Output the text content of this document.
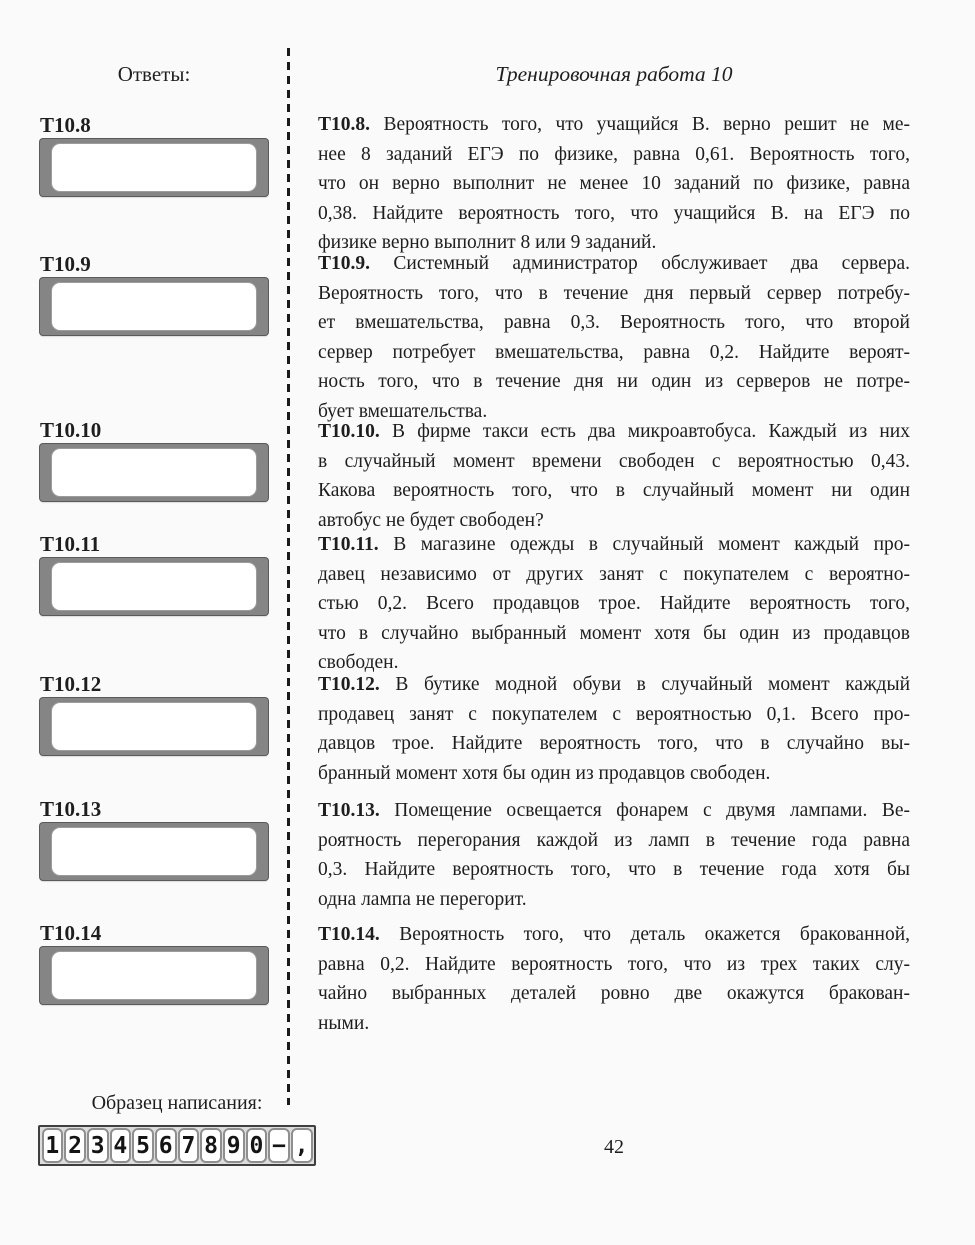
Ответы:
Т10.8
Т10.9
Т10.10
Т10.11
Т10.12
Т10.13
Т10.14
Тренировочная работа 10
Т10.8. Вероятность того, что учащийся В. верно решит не ме-
нее 8 заданий ЕГЭ по физике, равна 0,61. Вероятность того,
что он верно выполнит не менее 10 заданий по физике, равна
0,38. Найдите вероятность того, что учащийся В. на ЕГЭ по
физике верно выполнит 8 или 9 заданий.
Т10.9. Системный администратор обслуживает два сервера.
Вероятность того, что в течение дня первый сервер потребу-
ет вмешательства, равна 0,3. Вероятность того, что второй
сервер потребует вмешательства, равна 0,2. Найдите вероят-
ность того, что в течение дня ни один из серверов не потре-
бует вмешательства.
Т10.10. В фирме такси есть два микроавтобуса. Каждый из них
в случайный момент времени свободен с вероятностью 0,43.
Какова вероятность того, что в случайный момент ни один
автобус не будет свободен?
Т10.11. В магазине одежды в случайный момент каждый про-
давец независимо от других занят с покупателем с вероятно-
стью 0,2. Всего продавцов трое. Найдите вероятность того,
что в случайно выбранный момент хотя бы один из продавцов
свободен.
Т10.12. В бутике модной обуви в случайный момент каждый
продавец занят с покупателем с вероятностью 0,1. Всего про-
давцов трое. Найдите вероятность того, что в случайно вы-
бранный момент хотя бы один из продавцов свободен.
Т10.13. Помещение освещается фонарем с двумя лампами. Ве-
роятность перегорания каждой из ламп в течение года равна
0,3. Найдите вероятность того, что в течение года хотя бы
одна лампа не перегорит.
Т10.14. Вероятность того, что деталь окажется бракованной,
равна 0,2. Найдите вероятность того, что из трех таких слу-
чайно выбранных деталей ровно две окажутся бракован-
ными.
Образец написания:
1 2 3 4 5 6 7 8 9 0 − ,	42
